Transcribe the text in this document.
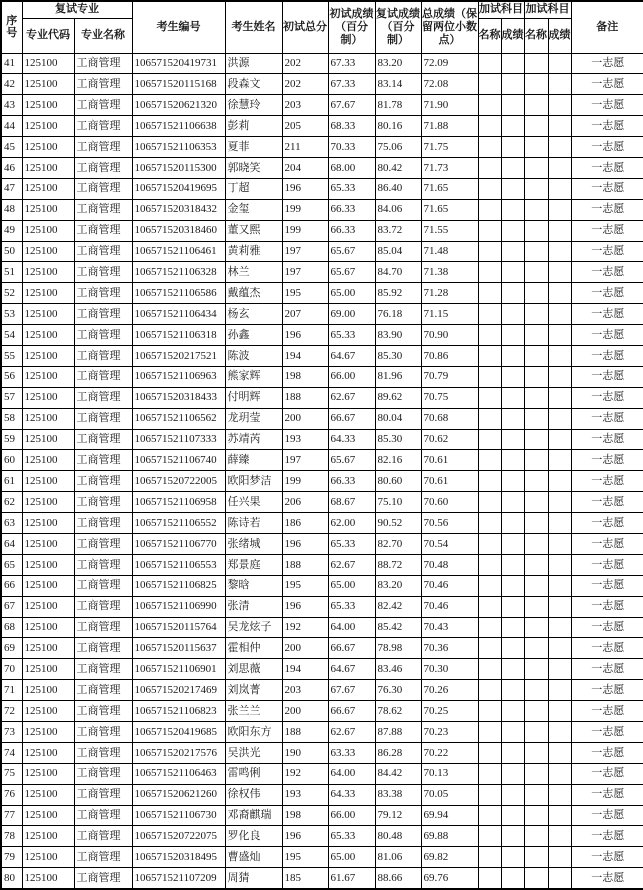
序号	复试专业		考生编号	考生姓名	初试总分	初试成绩（百分制）	复试成绩（百分制）	总成绩（保留两位小数点）	加试科目		加试科目		备注
	专业代码	专业名称							名称	成绩	名称	成绩	
41	125100	工商管理	106571520419731	洪源	202	67.33	83.20	72.09					一志愿
42	125100	工商管理	106571520115168	段森文	202	67.33	83.14	72.08					一志愿
43	125100	工商管理	106571520621320	徐慧玲	203	67.67	81.78	71.90					一志愿
44	125100	工商管理	106571521106638	彭莉	205	68.33	80.16	71.88					一志愿
45	125100	工商管理	106571521106353	夏菲	211	70.33	75.06	71.75					一志愿
46	125100	工商管理	106571520115300	郭晓笑	204	68.00	80.42	71.73					一志愿
47	125100	工商管理	106571520419695	丁超	196	65.33	86.40	71.65					一志愿
48	125100	工商管理	106571520318432	金玺	199	66.33	84.06	71.65					一志愿
49	125100	工商管理	106571520318460	董又熙	199	66.33	83.72	71.55					一志愿
50	125100	工商管理	106571521106461	黄莉雅	197	65.67	85.04	71.48					一志愿
51	125100	工商管理	106571521106328	林兰	197	65.67	84.70	71.38					一志愿
52	125100	工商管理	106571521106586	戴蕴杰	195	65.00	85.92	71.28					一志愿
53	125100	工商管理	106571521106434	杨玄	207	69.00	76.18	71.15					一志愿
54	125100	工商管理	106571521106318	孙鑫	196	65.33	83.90	70.90					一志愿
55	125100	工商管理	106571520217521	陈波	194	64.67	85.30	70.86					一志愿
56	125100	工商管理	106571521106963	熊家辉	198	66.00	81.96	70.79					一志愿
57	125100	工商管理	106571520318433	付明辉	188	62.67	89.62	70.75					一志愿
58	125100	工商管理	106571521106562	龙玥莹	200	66.67	80.04	70.68					一志愿
59	125100	工商管理	106571521107333	苏靖芮	193	64.33	85.30	70.62					一志愿
60	125100	工商管理	106571521106740	薛臻	197	65.67	82.16	70.61					一志愿
61	125100	工商管理	106571520722005	欧阳梦洁	199	66.33	80.60	70.61					一志愿
62	125100	工商管理	106571521106958	任兴果	206	68.67	75.10	70.60					一志愿
63	125100	工商管理	106571521106552	陈诗若	186	62.00	90.52	70.56					一志愿
64	125100	工商管理	106571521106770	张绪城	196	65.33	82.70	70.54					一志愿
65	125100	工商管理	106571521106553	郑景庭	188	62.67	88.72	70.48					一志愿
66	125100	工商管理	106571521106825	黎晗	195	65.00	83.20	70.46					一志愿
67	125100	工商管理	106571521106990	张清	196	65.33	82.42	70.46					一志愿
68	125100	工商管理	106571520115764	吴龙炫子	192	64.00	85.42	70.43					一志愿
69	125100	工商管理	106571520115637	霍相仲	200	66.67	78.98	70.36					一志愿
70	125100	工商管理	106571521106901	刘思薇	194	64.67	83.46	70.30					一志愿
71	125100	工商管理	106571520217469	刘岚菁	203	67.67	76.30	70.26					一志愿
72	125100	工商管理	106571521106823	张兰兰	200	66.67	78.62	70.25					一志愿
73	125100	工商管理	106571520419685	欧阳东方	188	62.67	87.88	70.23					一志愿
74	125100	工商管理	106571520217576	吴洪光	190	63.33	86.28	70.22					一志愿
75	125100	工商管理	106571521106463	雷鸣俐	192	64.00	84.42	70.13					一志愿
76	125100	工商管理	106571520621260	徐权伟	193	64.33	83.38	70.05					一志愿
77	125100	工商管理	106571521106730	邓裔麒瑞	198	66.00	79.12	69.94					一志愿
78	125100	工商管理	106571520722075	罗化良	196	65.33	80.48	69.88					一志愿
79	125100	工商管理	106571520318495	曹盛灿	195	65.00	81.06	69.82					一志愿
80	125100	工商管理	106571521107209	周猜	185	61.67	88.66	69.76					一志愿
